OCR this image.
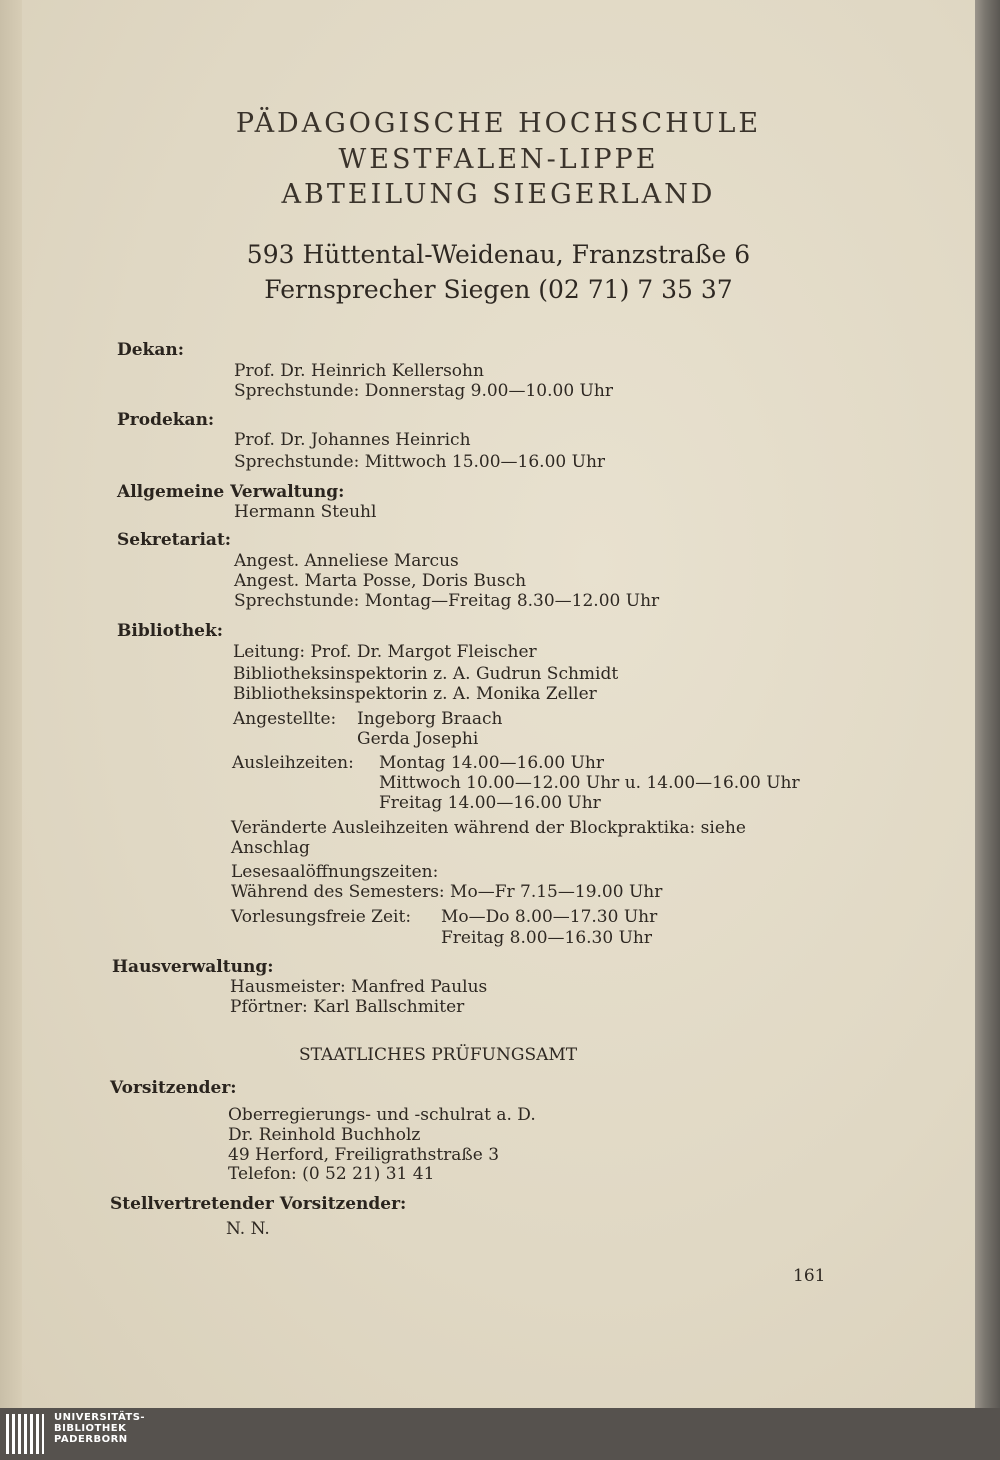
PÄDAGOGISCHE HOCHSCHULE
WESTFALEN-LIPPE
ABTEILUNG SIEGERLAND
593 Hüttental-Weidenau, Franzstraße 6
Fernsprecher Siegen (02 71) 7 35 37
Dekan:
Prof. Dr. Heinrich Kellersohn
Sprechstunde: Donnerstag 9.00—10.00 Uhr
Prodekan:
Prof. Dr. Johannes Heinrich
Sprechstunde: Mittwoch 15.00—16.00 Uhr
Allgemeine Verwaltung:
Hermann Steuhl
Sekretariat:
Angest. Anneliese Marcus
Angest. Marta Posse, Doris Busch
Sprechstunde: Montag—Freitag 8.30—12.00 Uhr
Bibliothek:
Leitung: Prof. Dr. Margot Fleischer
Bibliotheksinspektorin z. A. Gudrun Schmidt
Bibliotheksinspektorin z. A. Monika Zeller
Angestellte: Ingeborg Braach
Gerda Josephi
Ausleihzeiten: Montag 14.00—16.00 Uhr
Mittwoch 10.00—12.00 Uhr u. 14.00—16.00 Uhr
Freitag 14.00—16.00 Uhr
Veränderte Ausleihzeiten während der Blockpraktika: siehe
Anschlag
Lesesaalöffnungszeiten:
Während des Semesters: Mo—Fr 7.15—19.00 Uhr
Vorlesungsfreie Zeit: Mo—Do 8.00—17.30 Uhr
Freitag 8.00—16.30 Uhr
Hausverwaltung:
Hausmeister: Manfred Paulus
Pförtner: Karl Ballschmiter
STAATLICHES PRÜFUNGSAMT
Vorsitzender:
Oberregierungs- und -schulrat a. D.
Dr. Reinhold Buchholz
49 Herford, Freiligrathstraße 3
Telefon: (0 52 21) 31 41
Stellvertretender Vorsitzender:
N. N.
161
UNIVERSITÄTS-
BIBLIOTHEK
PADERBORN
